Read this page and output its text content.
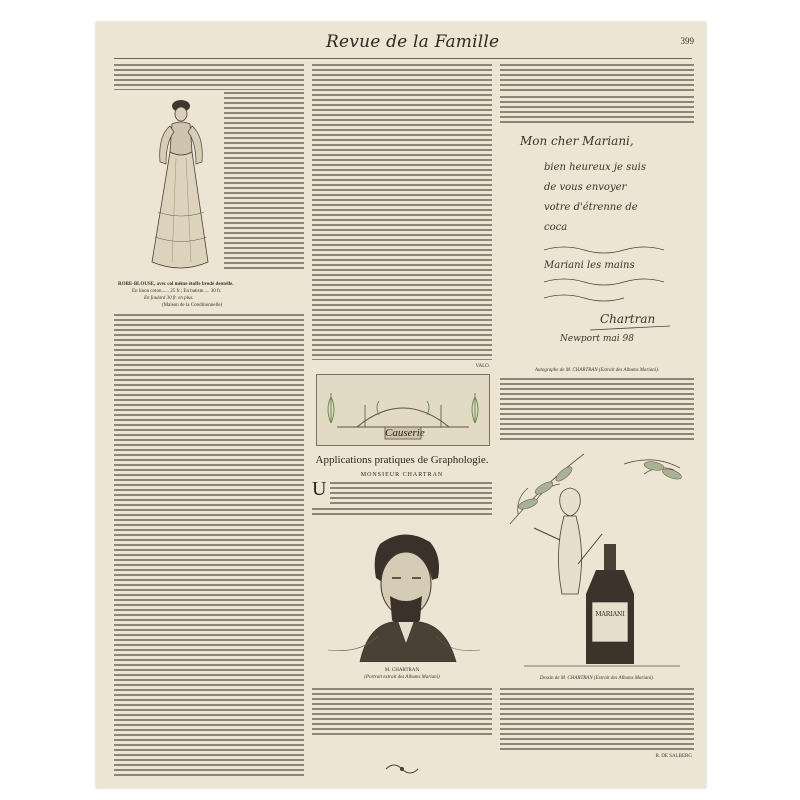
Revue de la Famille	399
ROBE-BLOUSE, avec col même étoffe brodé dentelle.
En linon coton...... 25 fr.; En batiste..... 30 fr.
En foulard 30 fr. en plus.
(Maison de la Conditionnelle)
VALO.
Causerie
Applications pratiques de Graphologie.
MONSIEUR CHARTRAN
U
M. CHARTRAN
(Portrait extrait des Albums Mariani)
Mon cher Mariani,
bien heureux je suis
de vous envoyer
votre d'étrenne de
coca
Mariani les mains
Chartran
Newport mai 98
Autographe de M. CHARTRAN (Extrait des Albums Mariani).
MARIANI
Dessin de M. CHARTRAN (Extrait des Albums Mariani).
R. DE SALBERG
